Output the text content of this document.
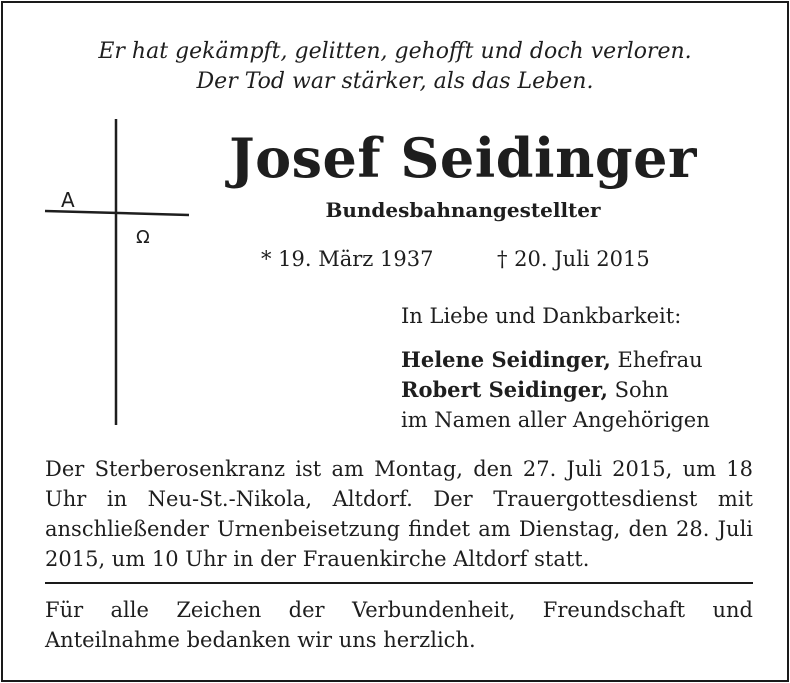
Er hat gekämpft, gelitten, gehofft und doch verloren.
Der Tod war stärker, als das Leben.
A
Ω
Josef Seidinger
Bundesbahnangestellter
* 19. März 1937	† 20. Juli 2015
In Liebe und Dankbarkeit:
Helene Seidinger, Ehefrau
Robert Seidinger, Sohn
im Namen aller Angehörigen

Der Sterberosenkranz ist am Montag, den 27. Juli 2015, um 18 Uhr in Neu-St.-Nikola, Altdorf. Der Trauergottesdienst mit anschließender Urnenbeisetzung findet am Dienstag, den 28. Juli 2015, um 10 Uhr in der Frauenkirche Altdorf statt.

Für alle Zeichen der Verbundenheit, Freundschaft und
Anteilnahme bedanken wir uns herzlich.
